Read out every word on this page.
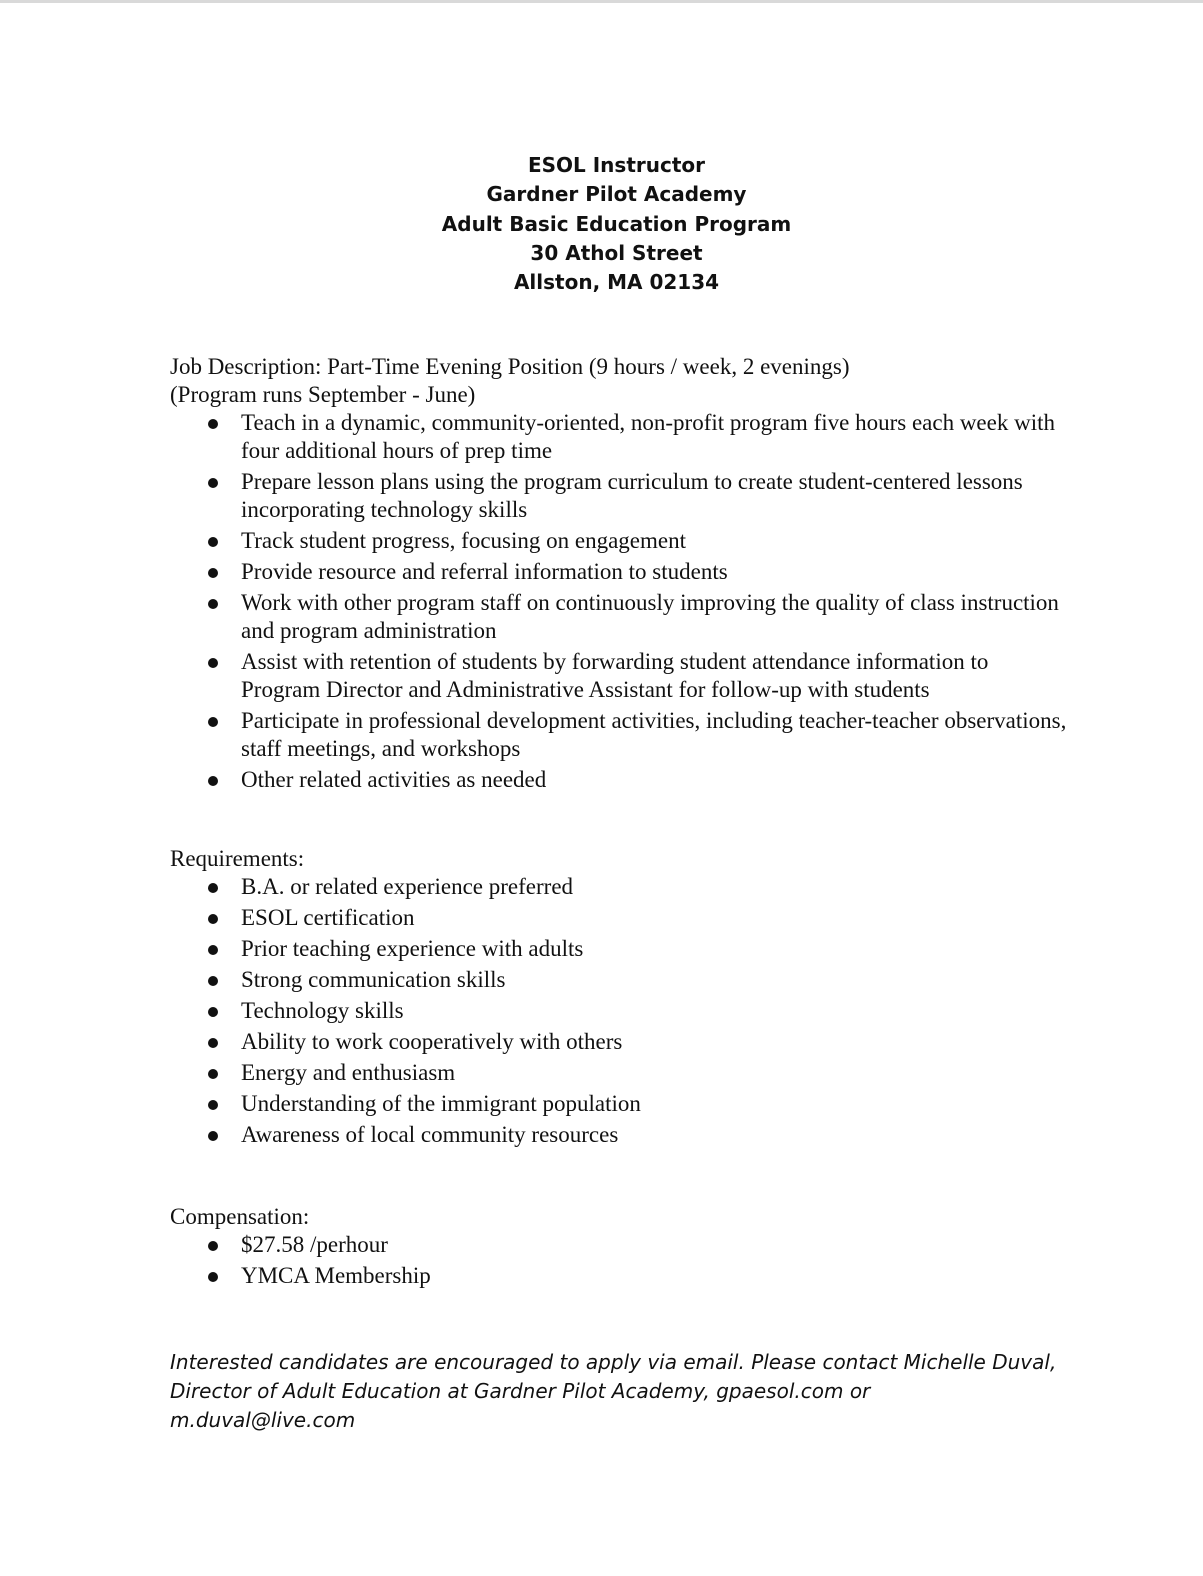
ESOL Instructor
Gardner Pilot Academy
Adult Basic Education Program
30 Athol Street
Allston, MA 02134

Job Description: Part-Time Evening Position (9 hours / week, 2 evenings)

(Program runs September - June)

Teach in a dynamic, community-oriented, non-profit program five hours each week with four additional hours of prep time
Prepare lesson plans using the program curriculum to create student-centered lessons incorporating technology skills
Track student progress, focusing on engagement
Provide resource and referral information to students
Work with other program staff on continuously improving the quality of class instruction and program administration
Assist with retention of students by forwarding student attendance information to Program Director and Administrative Assistant for follow-up with students
Participate in professional development activities, including teacher-teacher observations, staff meetings, and workshops
Other related activities as needed

Requirements:

B.A. or related experience preferred
ESOL certification
Prior teaching experience with adults
Strong communication skills
Technology skills
Ability to work cooperatively with others
Energy and enthusiasm
Understanding of the immigrant population
Awareness of local community resources

Compensation:

$27.58 /perhour
YMCA Membership
Interested candidates are encouraged to apply via email. Please contact Michelle Duval,
Director of Adult Education at Gardner Pilot Academy, gpaesol.com or
m.duval@live.com
